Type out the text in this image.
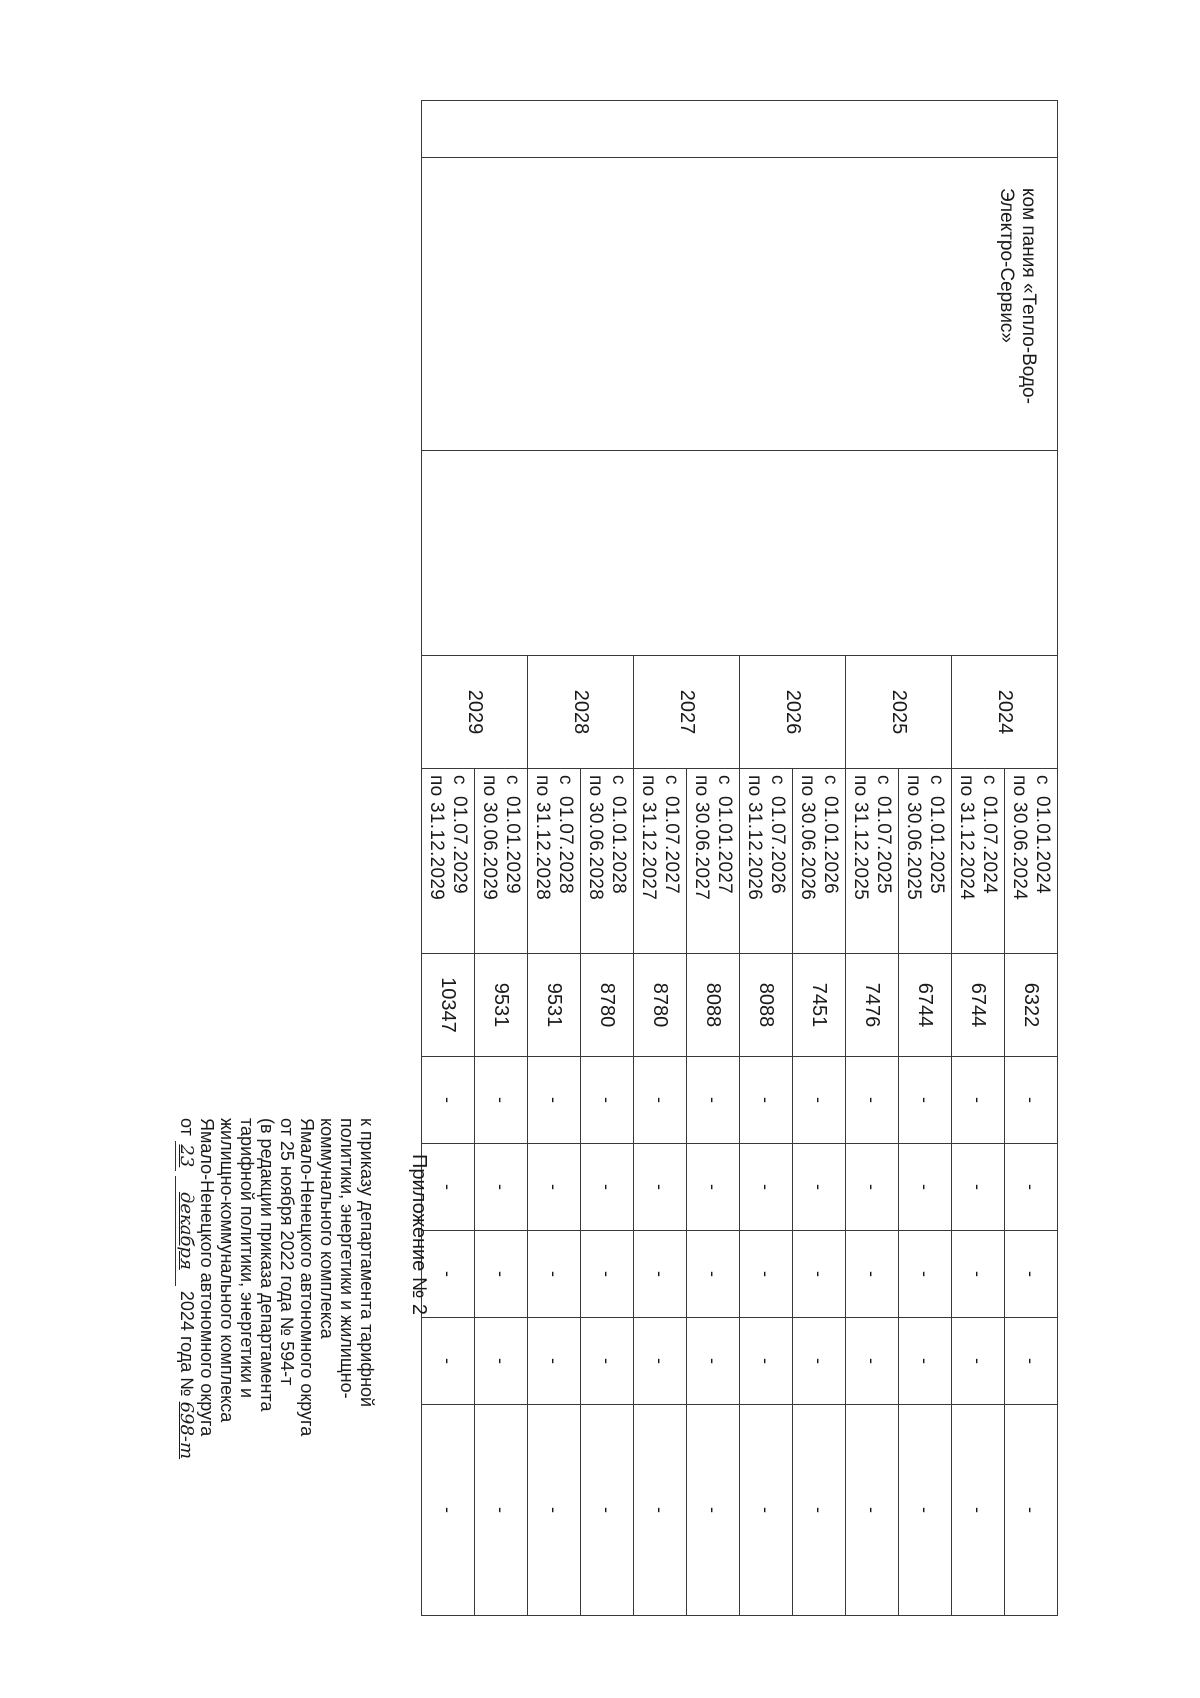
	ком пания «Тепло-Водо-Электро-Сервис»		2024	с  01.01.2024
по 30.06.2024	6322	-	-	-	-	-

				с  01.07.2024
по 31.12.2024	6744	-	-	-	-	-
			2025	с  01.01.2025
по 30.06.2025	6744	-	-	-	-	-

				с  01.07.2025
по 31.12.2025	7476	-	-	-	-	-
			2026	с  01.01.2026
по 30.06.2026	7451	-	-	-	-	-

				с  01.07.2026
по 31.12.2026	8088	-	-	-	-	-
			2027	с  01.01.2027
по 30.06.2027	8088	-	-	-	-	-

				с  01.07.2027
по 31.12.2027	8780	-	-	-	-	-
			2028	с  01.01.2028
по 30.06.2028	8780	-	-	-	-	-

				с  01.07.2028
по 31.12.2028	9531	-	-	-	-	-
			2029	с  01.01.2029
по 30.06.2029	9531	-	-	-	-	-

				с  01.07.2029
по 31.12.2029	10347	-	-	-	-	-
Приложение № 2
к приказу департамента тарифной
политики, энергетики и жилищно-
коммунального комплекса
Ямало-Ненецкого автономного округа
от 25 ноября 2022 года № 594-т
(в редакции приказа департамента
тарифной политики, энергетики и
жилищно-коммунального комплекса
Ямало-Ненецкого автономного округа
от 23 декабря 2024 года № 698-т
